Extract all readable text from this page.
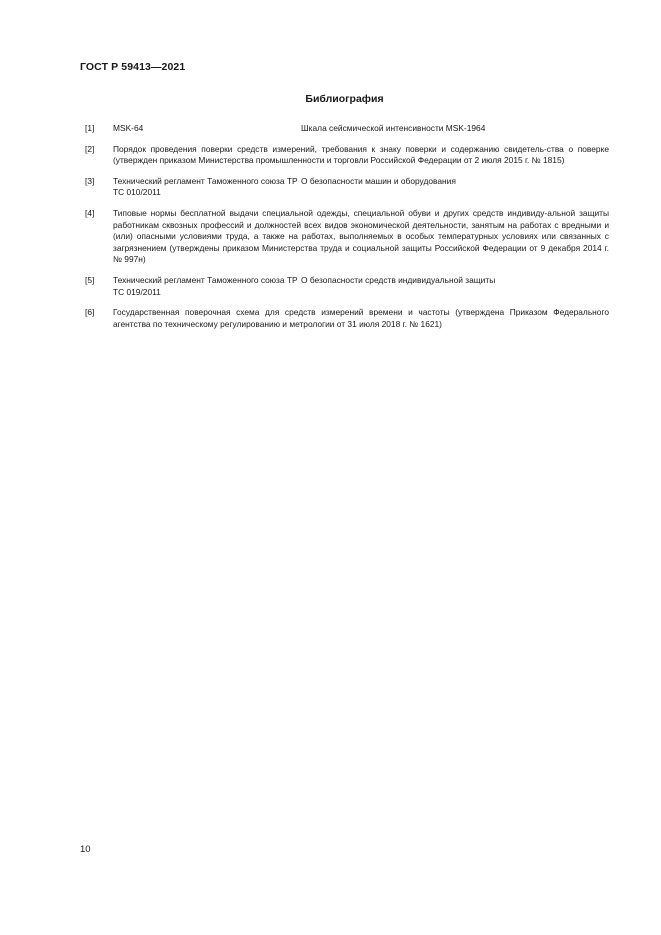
ГОСТ Р 59413—2021
Библиография
[1] MSK-64	Шкала сейсмической интенсивности MSK-1964
[2] Порядок проведения поверки средств измерений, требования к знаку поверки и содержанию свидетель-ства о поверке (утвержден приказом Министерства промышленности и торговли Российской Федерации от 2 июля 2015 г. № 1815)
[3] Технический регламент Таможенного союза ТР ТС 010/2011
О безопасности машин и оборудования
[4] Типовые нормы бесплатной выдачи специальной одежды, специальной обуви и других средств индивиду-альной защиты работникам сквозных профессий и должностей всех видов экономической деятельности, занятым на работах с вредными и (или) опасными условиями труда, а также на работах, выполняемых в особых температурных условиях или связанных с загрязнением (утверждены приказом Министерства труда и социальной защиты Российской Федерации от 9 декабря 2014 г. № 997н)
[5] Технический регламент Таможенного союза ТР ТС 019/2011
О безопасности средств индивидуальной защиты
[6] Государственная поверочная схема для средств измерений времени и частоты (утверждена Приказом Федерального агентства по техническому регулированию и метрологии от 31 июля 2018 г. № 1621)
10
